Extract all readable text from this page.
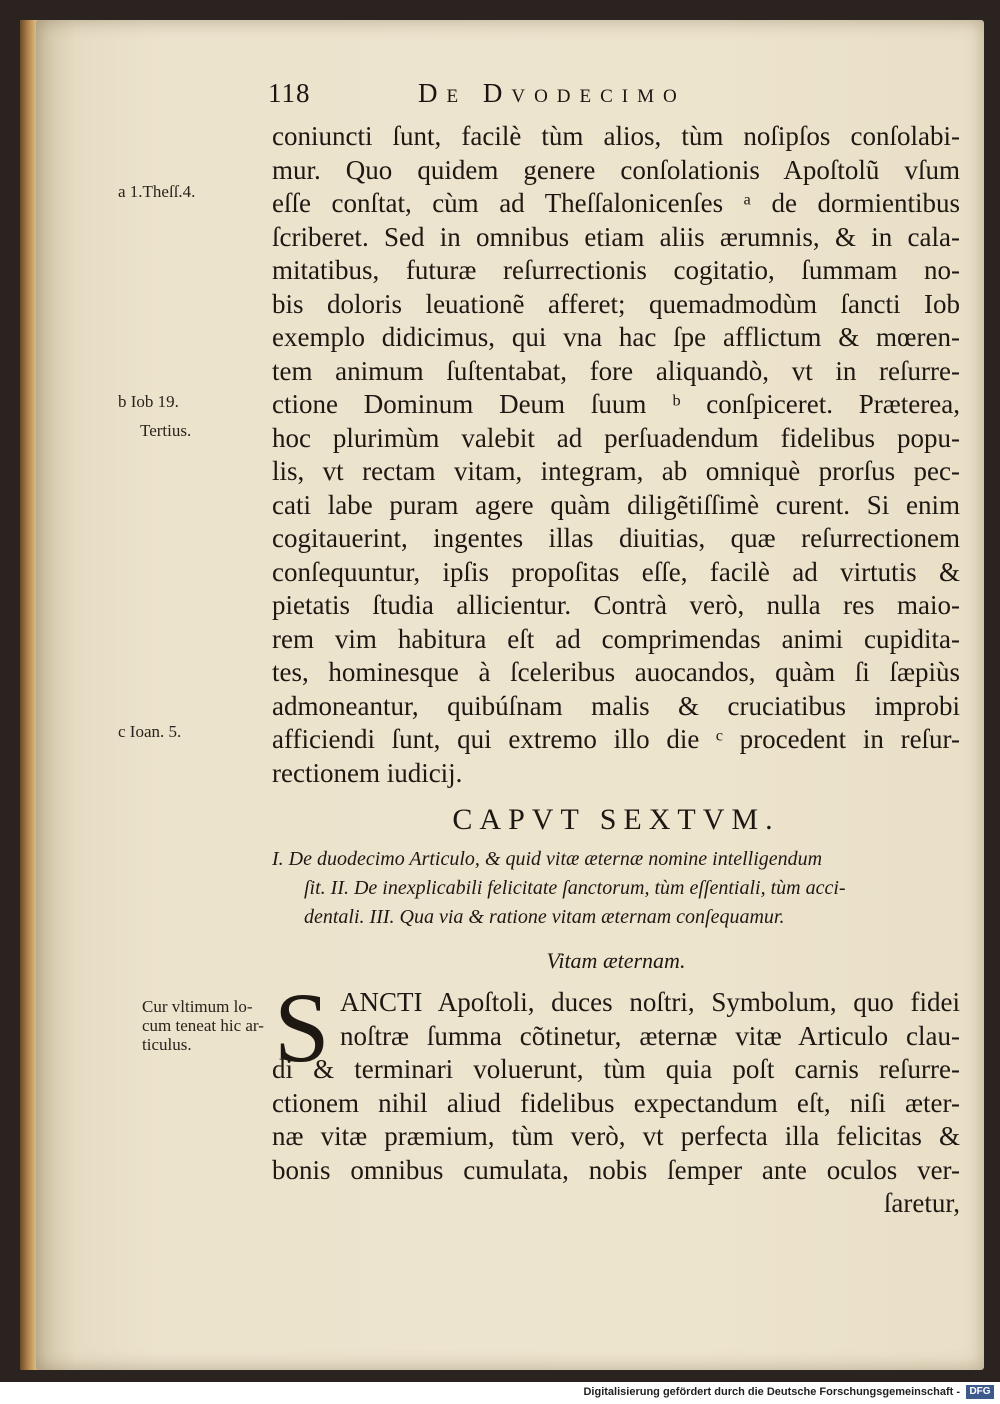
118	De Dvodecimo
coniuncti ſunt, facilè tùm alios, tùm noſipſos conſolabi-
mur. Quo quidem genere conſolationis Apoſtolũ vſum
eſſe conſtat, cùm ad Theſſalonicenſes ᵃ de dormientibus
ſcriberet. Sed in omnibus etiam aliis ærumnis, & in cala-
mitatibus, futuræ reſurrectionis cogitatio, ſummam no-
bis doloris leuationẽ afferet; quemadmodùm ſancti Iob
exemplo didicimus, qui vna hac ſpe afflictum & mœren-
tem animum ſuſtentabat, fore aliquandò, vt in reſurre-
ctione Dominum Deum ſuum ᵇ conſpiceret. Præterea,
hoc plurimùm valebit ad perſuadendum fidelibus popu-
lis, vt rectam vitam, integram, ab omniquè prorſus pec-
cati labe puram agere quàm diligẽtiſſimè curent. Si enim
cogitauerint, ingentes illas diuitias, quæ reſurrectionem
conſequuntur, ipſis propoſitas eſſe, facilè ad virtutis &
pietatis ſtudia allicientur. Contrà verò, nulla res maio-
rem vim habitura eſt ad comprimendas animi cupidita-
tes, hominesque à ſceleribus auocandos, quàm ſi ſæpiùs
admoneantur, quibúſnam malis & cruciatibus improbi
afficiendi ſunt, qui extremo illo die ᶜ procedent in reſur-
rectionem iudicij.
a 1.Theſſ.4.
b Iob 19.
Tertius.
c Ioan. 5.
Cur vltimum lo-
cum teneat hic ar-
ticulus.
CAPVT SEXTVM.
I. De duodecimo Articulo, & quid vitæ æternæ nomine intelligendum
ſit. II. De inexplicabili felicitate ſanctorum, tùm eſſentiali, tùm acci-
dentali. III. Qua via & ratione vitam æternam conſequamur.
Vitam æternam.
S ANCTI Apoſtoli, duces noſtri, Symbolum, quo fidei
noſtræ ſumma cõtinetur, æternæ vitæ Articulo clau-
di & terminari voluerunt, tùm quia poſt carnis reſurre-
ctionem nihil aliud fidelibus expectandum eſt, niſi æter-
næ vitæ præmium, tùm verò, vt perfecta illa felicitas &
bonis omnibus cumulata, nobis ſemper ante oculos ver-
ſaretur,
Digitalisierung gefördert durch die Deutsche Forschungsgemeinschaft - DFG
